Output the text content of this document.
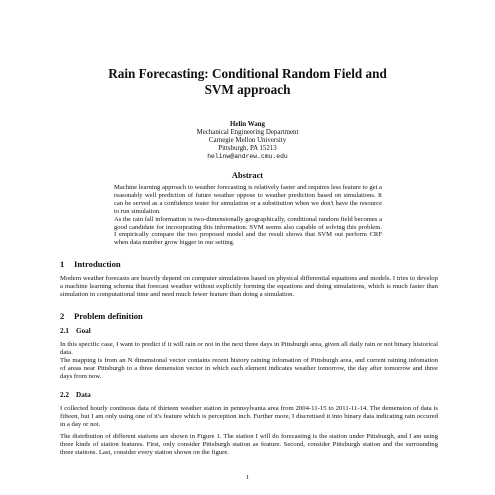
Rain Forecasting: Conditional Random Field and
SVM approach
Helin Wang
Mechanical Engineering Department
Carnegie Mellon University
Pittsburgh, PA 15213
helinw@andrew.cmu.edu
Abstract

Machine learning approach to weather forecasting is relatively faster and requires less feature to get a reasonably well prediction of future weather oppose to weather prediction based on simulations. It can be served as a confidence tester for simulation or a substitution when we don't have the resource to run simulation.

As the rain fall information is two-dimensionally geographically, conditional random field becomes a good candidate for incoorprating this information. SVM seems also capable of solving this problem. I empirically compare the two proposed model and the result shows that SVM out perform CRF when data number grow bigger in our setting.

1 Introduction

Modern weather forecasts are heavily depend on computer simulations based on physical differential equations and models. I tries to develop a machine learning schema that forecast weather without explicitly forming the equations and doing simulations, which is much faster than simulation in computational time and need much fewer feature than doing a simulation.

2 Problem definition
2.1 Goal

In this specific case, I want to predict if it will rain or not in the next three days in Pittsburgh area, given all daily rain or not binary historical data.

The mapping is from an N dimensional vector contains recent history raining infomation of Pittsburgh area, and current raining infomation of areas near Pittsburgh to a three demension vector in which each element indicates weather tomorrow, the day after tomorrow and three days from now.

2.2 Data

I collected hourly continous data of thirteen weather station in pennsylvania area from 2004-11-15 to 2011-11-14. The demension of data is fifteen, but I am only using one of it's feature which is perception inch. Further more, I discretised it into binary data indicating rain occured in a day or not.

The distribution of different stations are shown in Figure 1. The station I will do forecasting is the station under Pittsburgh, and I am using three kinds of station features. First, only consider Pittsburgh station as feature. Second, consider Pittsburgh station and the surrounding three stations. Last, consider every station shown on the figure.

1
